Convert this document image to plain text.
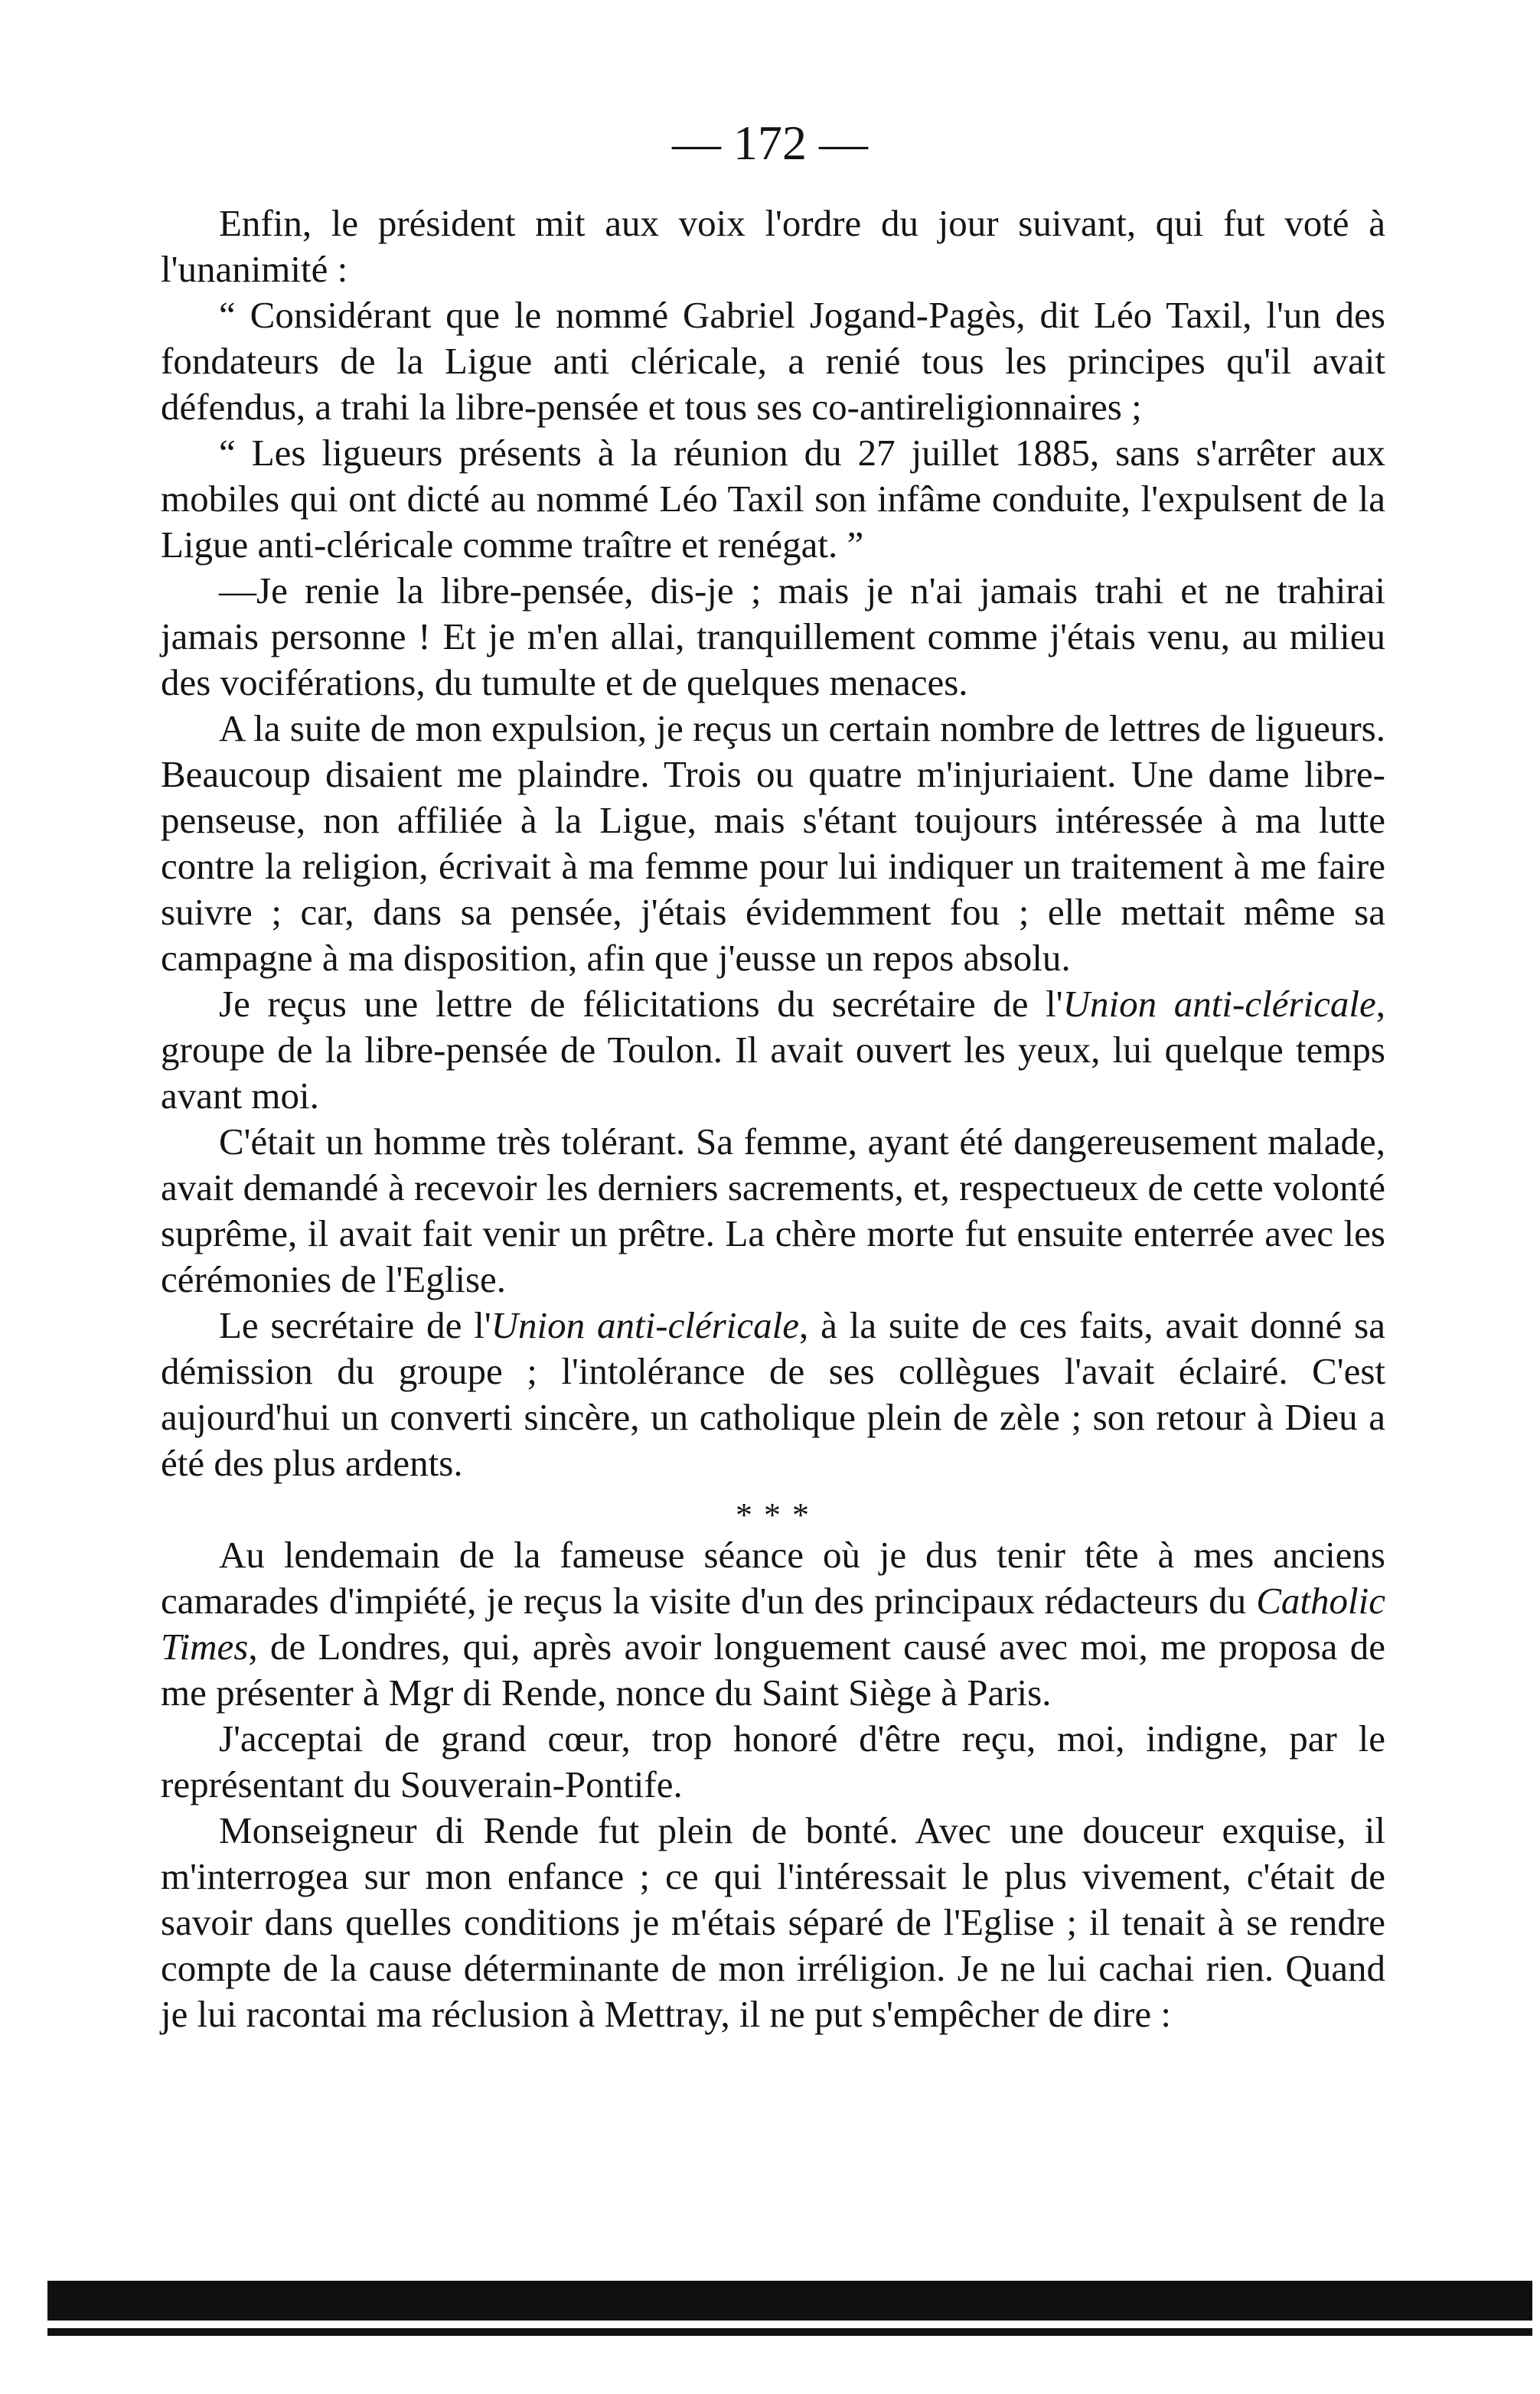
— 172 —

Enfin, le président mit aux voix l'ordre du jour suivant, qui fut voté à l'unanimité :

“ Considérant que le nommé Gabriel Jogand-Pagès, dit Léo Taxil, l'un des fondateurs de la Ligue anti cléricale, a renié tous les principes qu'il avait défendus, a trahi la libre-pensée et tous ses co-antireligionnaires ;

“ Les ligueurs présents à la réunion du 27 juillet 1885, sans s'arrêter aux mobiles qui ont dicté au nommé Léo Taxil son infâme conduite, l'expulsent de la Ligue anti-cléricale comme traître et renégat. ”

—Je renie la libre-pensée, dis-je ; mais je n'ai jamais trahi et ne trahirai jamais personne ! Et je m'en allai, tranquillement comme j'étais venu, au milieu des vociférations, du tumulte et de quelques menaces.

A la suite de mon expulsion, je reçus un certain nombre de lettres de ligueurs. Beaucoup disaient me plaindre. Trois ou quatre m'injuriaient. Une dame libre-penseuse, non affiliée à la Ligue, mais s'étant toujours intéressée à ma lutte contre la religion, écrivait à ma femme pour lui indiquer un traitement à me faire suivre ; car, dans sa pensée, j'étais évidemment fou ; elle mettait même sa campagne à ma disposition, afin que j'eusse un repos absolu.

Je reçus une lettre de félicitations du secrétaire de l'Union anti-cléricale, groupe de la libre-pensée de Toulon. Il avait ouvert les yeux, lui quelque temps avant moi.

C'était un homme très tolérant. Sa femme, ayant été dangereusement malade, avait demandé à recevoir les derniers sacrements, et, respectueux de cette volonté suprême, il avait fait venir un prêtre. La chère morte fut ensuite enterrée avec les cérémonies de l'Eglise.

Le secrétaire de l'Union anti-cléricale, à la suite de ces faits, avait donné sa démission du groupe ; l'intolérance de ses collègues l'avait éclairé. C'est aujourd'hui un converti sincère, un catholique plein de zèle ; son retour à Dieu a été des plus ardents.

* * *

Au lendemain de la fameuse séance où je dus tenir tête à mes anciens camarades d'impiété, je reçus la visite d'un des principaux rédacteurs du Catholic Times, de Londres, qui, après avoir longuement causé avec moi, me proposa de me présenter à Mgr di Rende, nonce du Saint Siège à Paris.

J'acceptai de grand cœur, trop honoré d'être reçu, moi, indigne, par le représentant du Souverain-Pontife.

Monseigneur di Rende fut plein de bonté. Avec une douceur exquise, il m'interrogea sur mon enfance ; ce qui l'intéressait le plus vivement, c'était de savoir dans quelles conditions je m'étais séparé de l'Eglise ; il tenait à se rendre compte de la cause déterminante de mon irréligion. Je ne lui cachai rien. Quand je lui racontai ma réclusion à Mettray, il ne put s'empêcher de dire :
